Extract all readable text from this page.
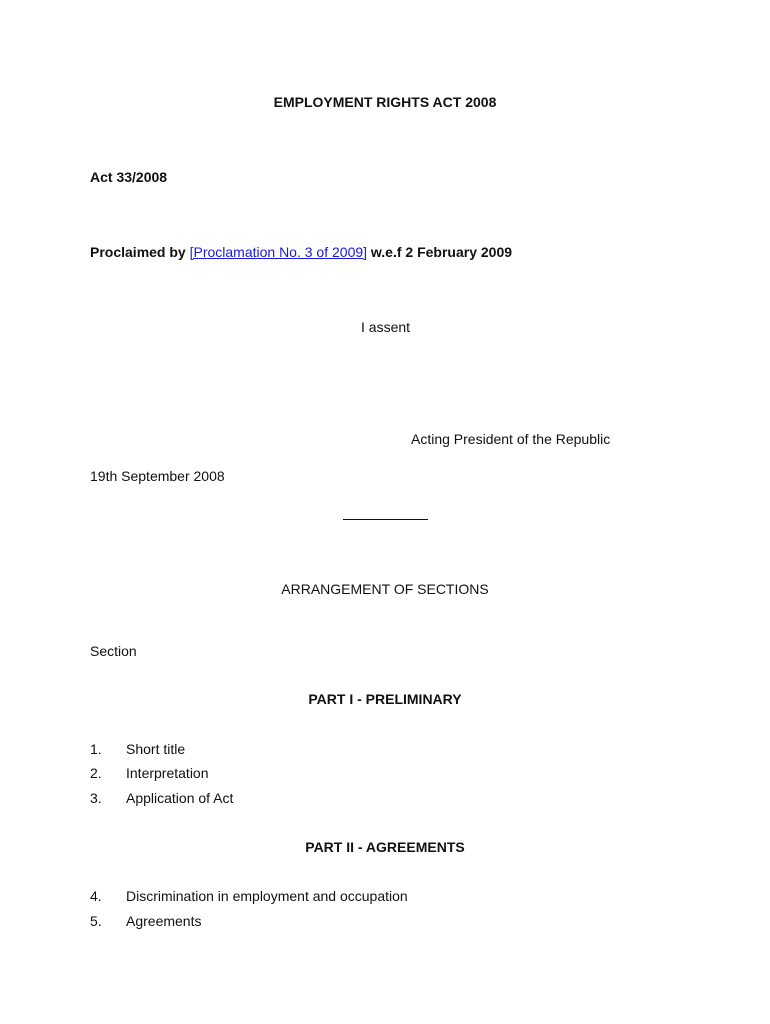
EMPLOYMENT RIGHTS ACT 2008
Act 33/2008
Proclaimed by [Proclamation No. 3 of 2009] w.e.f 2 February 2009
I assent
Acting President of the Republic
19th September 2008
ARRANGEMENT OF SECTIONS
Section
PART I - PRELIMINARY
1. Short title
2. Interpretation
3. Application of Act
PART II - AGREEMENTS
4. Discrimination in employment and occupation
5. Agreements
